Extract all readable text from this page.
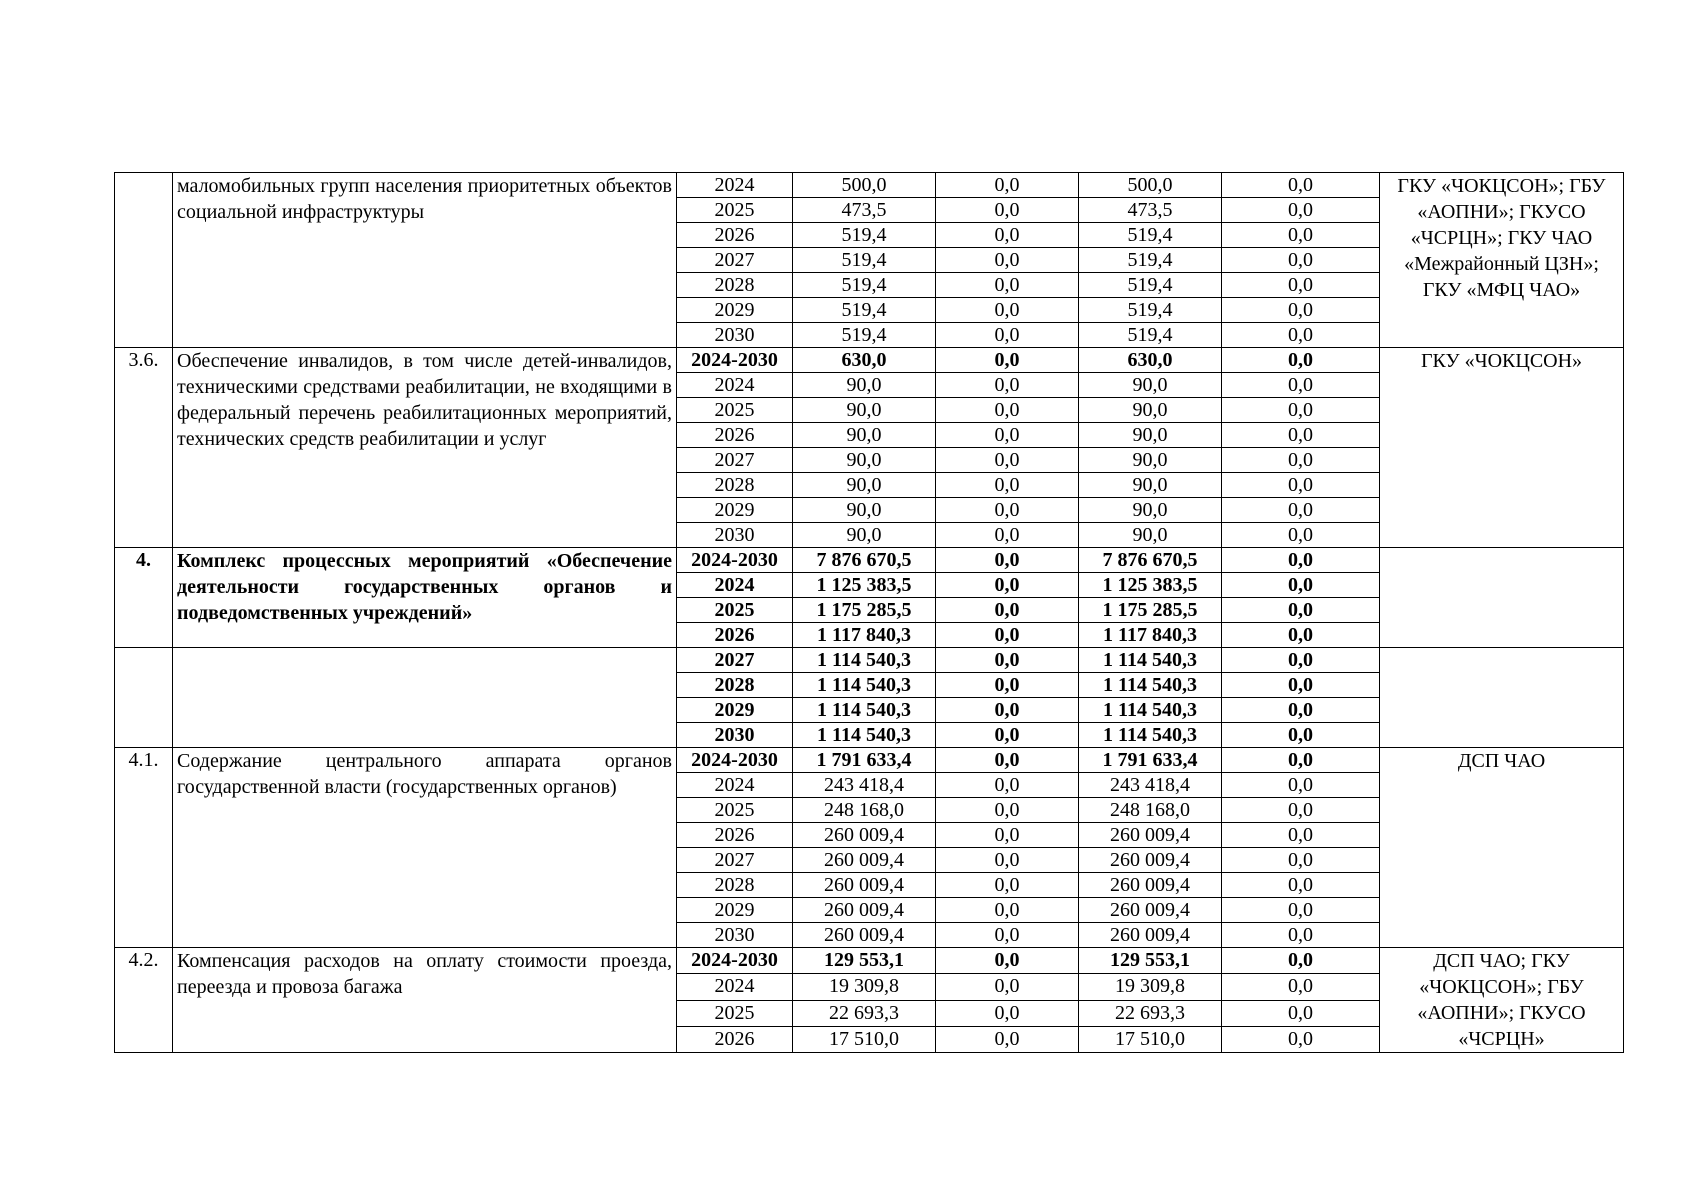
	маломобильных групп населения приоритетных объектов социальной инфраструктуры	2024	500,0	0,0	500,0	0,0	ГКУ «ЧОКЦСОН»; ГБУ «АОПНИ»; ГКУСО «ЧСРЦН»; ГКУ ЧАО «Межрайонный ЦЗН»; ГКУ «МФЦ ЧАО»
		2025	473,5	0,0	473,5	0,0	
		2026	519,4	0,0	519,4	0,0	
		2027	519,4	0,0	519,4	0,0	
		2028	519,4	0,0	519,4	0,0	
		2029	519,4	0,0	519,4	0,0	
		2030	519,4	0,0	519,4	0,0	
3.6.	Обеспечение инвалидов, в том числе детей-инвалидов, техническими средствами реабилитации, не входящими в федеральный перечень реабилитационных мероприятий, технических средств реабилитации и услуг	2024-2030	630,0	0,0	630,0	0,0	ГКУ «ЧОКЦСОН»
		2024	90,0	0,0	90,0	0,0	
		2025	90,0	0,0	90,0	0,0	
		2026	90,0	0,0	90,0	0,0	
		2027	90,0	0,0	90,0	0,0	
		2028	90,0	0,0	90,0	0,0	
		2029	90,0	0,0	90,0	0,0	
		2030	90,0	0,0	90,0	0,0	
4.	Комплекс процессных мероприятий «Обеспечение деятельности государственных органов и подведомственных учреждений»	2024-2030	7 876 670,5	0,0	7 876 670,5	0,0	
		2024	1 125 383,5	0,0	1 125 383,5	0,0	
		2025	1 175 285,5	0,0	1 175 285,5	0,0	
		2026	1 117 840,3	0,0	1 117 840,3	0,0	
		2027	1 114 540,3	0,0	1 114 540,3	0,0	
		2028	1 114 540,3	0,0	1 114 540,3	0,0	
		2029	1 114 540,3	0,0	1 114 540,3	0,0	
		2030	1 114 540,3	0,0	1 114 540,3	0,0	
4.1.	Содержание центрального аппарата органов государственной власти (государственных органов)	2024-2030	1 791 633,4	0,0	1 791 633,4	0,0	ДСП ЧАО
		2024	243 418,4	0,0	243 418,4	0,0	
		2025	248 168,0	0,0	248 168,0	0,0	
		2026	260 009,4	0,0	260 009,4	0,0	
		2027	260 009,4	0,0	260 009,4	0,0	
		2028	260 009,4	0,0	260 009,4	0,0	
		2029	260 009,4	0,0	260 009,4	0,0	
		2030	260 009,4	0,0	260 009,4	0,0	
4.2.	Компенсация расходов на оплату стоимости проезда, переезда и провоза багажа	2024-2030	129 553,1	0,0	129 553,1	0,0	ДСП ЧАО; ГКУ «ЧОКЦСОН»; ГБУ «АОПНИ»; ГКУСО «ЧСРЦН»
		2024	19 309,8	0,0	19 309,8	0,0	
		2025	22 693,3	0,0	22 693,3	0,0	
		2026	17 510,0	0,0	17 510,0	0,0	
